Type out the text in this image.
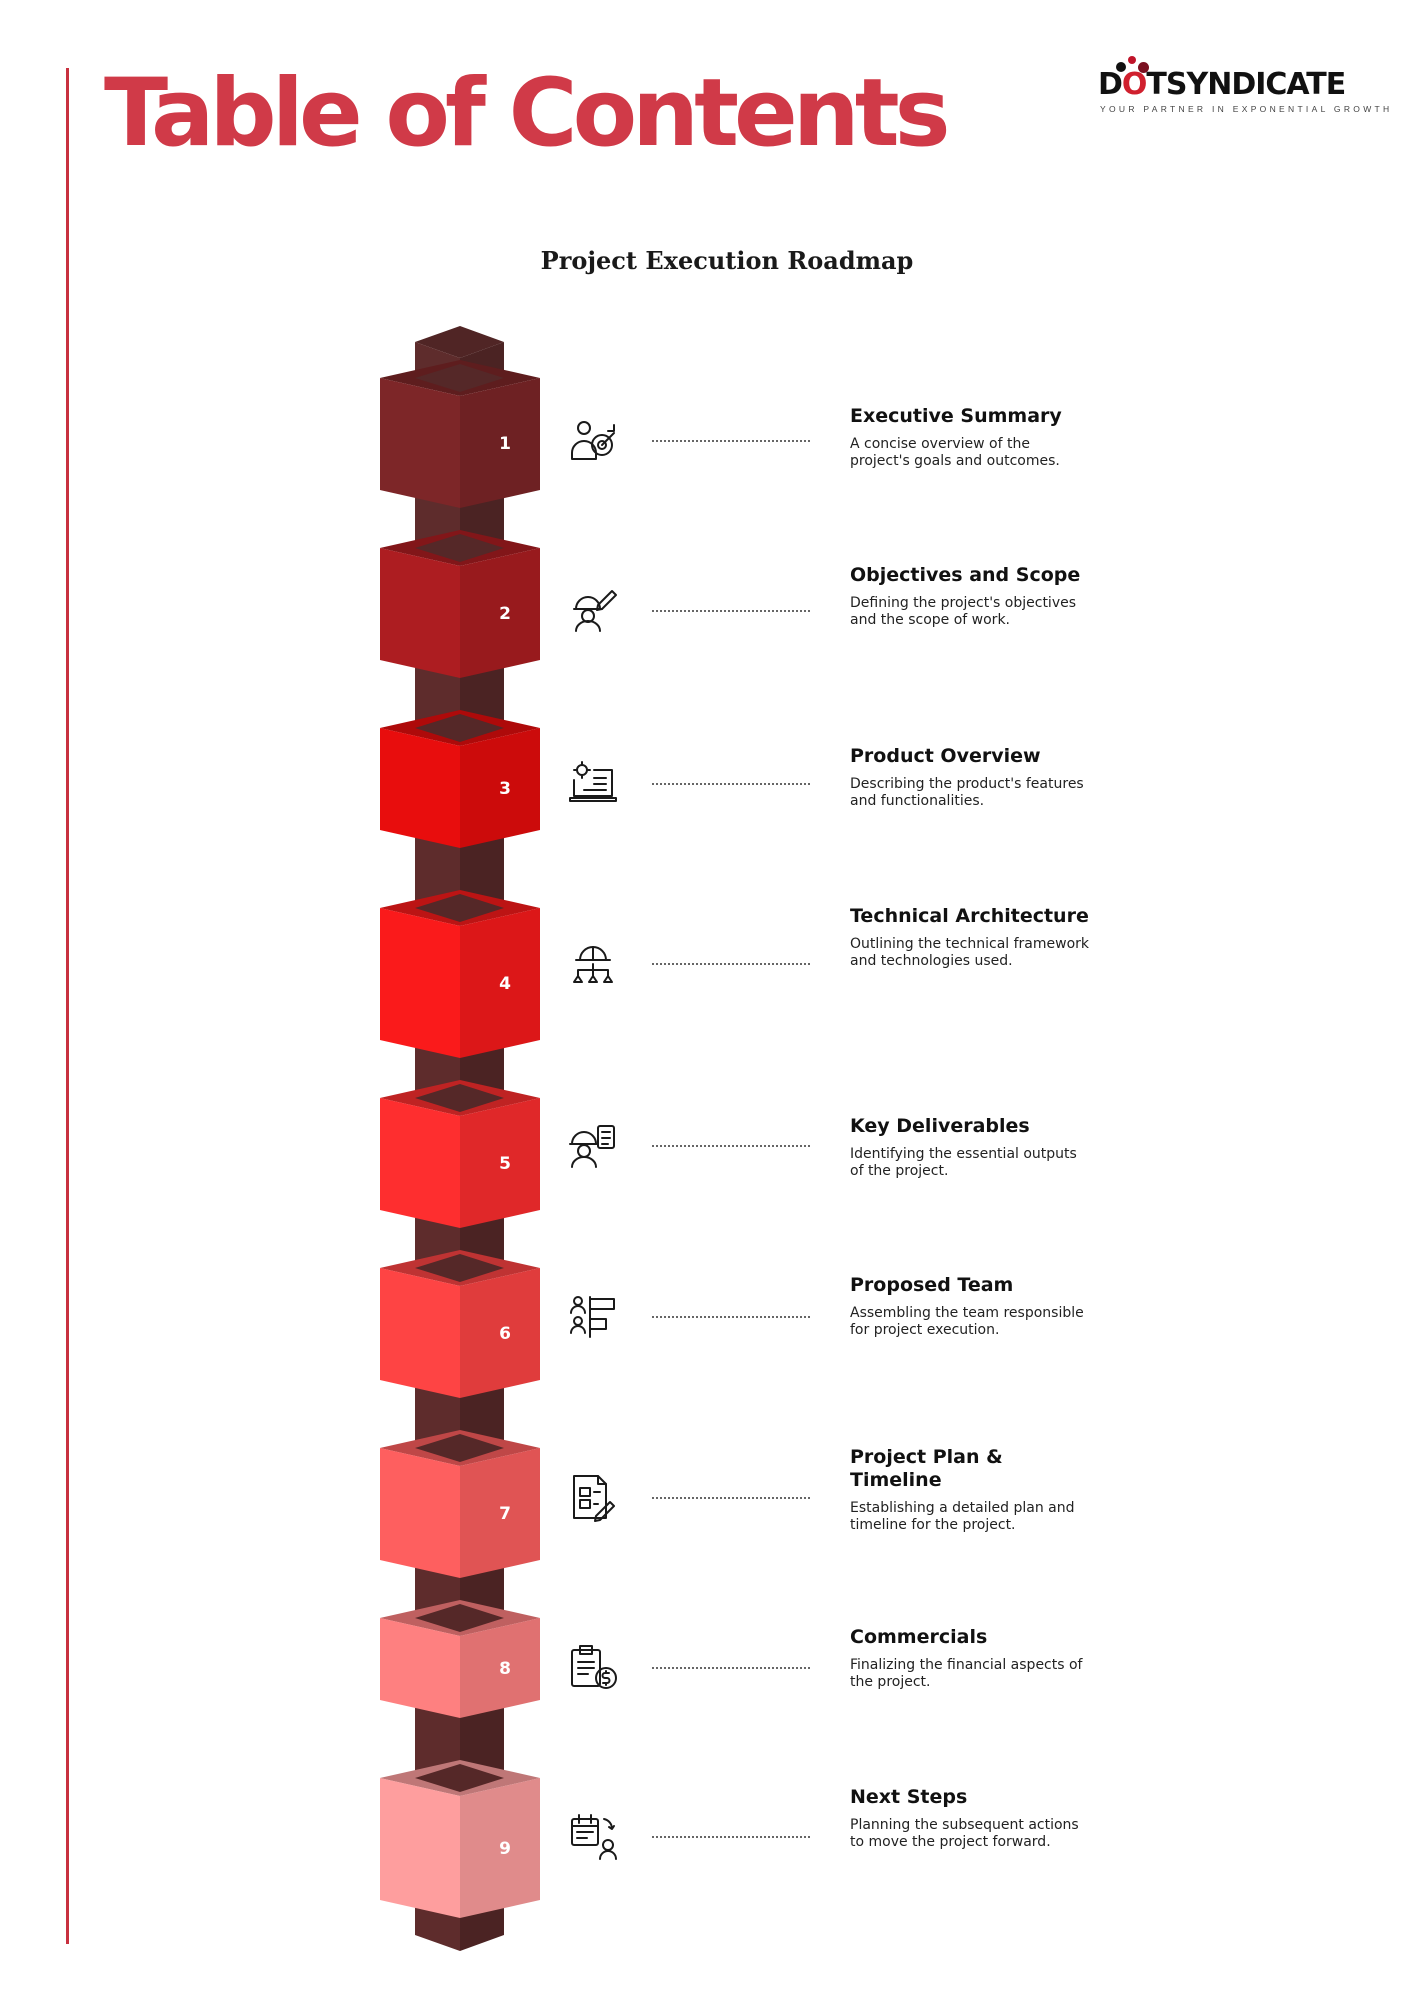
Table of Contents	DOTSYNDICATE

YOUR PARTNER IN EXPONENTIAL GROWTH
Project Execution Roadmap
1
2
3
4
5
6
7
8
9

Executive Summary

A concise overview of the project's goals and outcomes.

Objectives and Scope

Defining the project's objectives and the scope of work.

Product Overview

Describing the product's features and functionalities.

Technical Architecture

Outlining the technical framework and technologies used.

Key Deliverables

Identifying the essential outputs of the project.

Proposed Team

Assembling the team responsible for project execution.

Project Plan & Timeline

Establishing a detailed plan and timeline for the project.

Commercials

Finalizing the financial aspects of the project.

Next Steps

Planning the subsequent actions to move the project forward.
